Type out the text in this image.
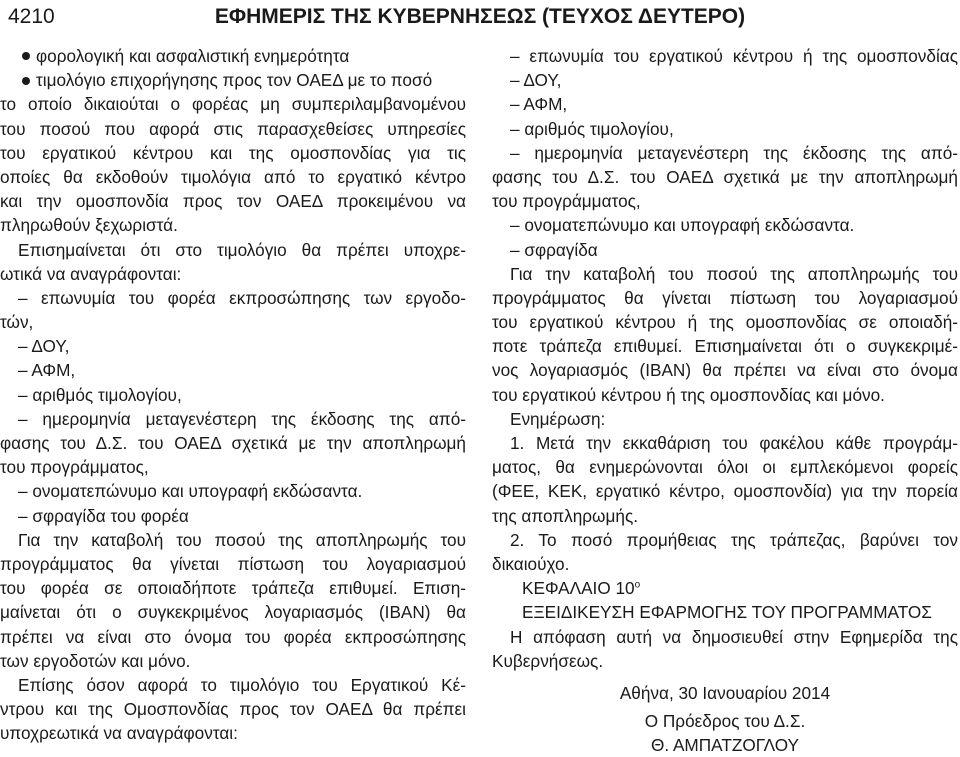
4210	ΕΦΗΜΕΡΙΣ ΤΗΣ ΚΥΒΕΡΝΗΣΕΩΣ (ΤΕΥΧΟΣ ΔΕΥΤΕΡΟ)
φορολογική και ασφαλιστική ενημερότητα
τιμολόγιο επιχορήγησης προς τον ΟΑΕΔ με το ποσό
το οποίο δικαιούται ο φορέας μη συμπεριλαμβανομένου
του ποσού που αφορά στις παρασχεθείσες υπηρεσίες
του εργατικού κέντρου και της ομοσπονδίας για τις
οποίες θα εκδοθούν τιμολόγια από το εργατικό κέντρο
και την ομοσπονδία προς τον ΟΑΕΔ προκειμένου να
πληρωθούν ξεχωριστά.
Επισημαίνεται ότι στο τιμολόγιο θα πρέπει υποχρε-
ωτικά να αναγράφονται:
– επωνυμία του φορέα εκπροσώπησης των εργοδο-
τών,
– ΔΟΥ,
– ΑΦΜ,
– αριθμός τιμολογίου,
– ημερομηνία μεταγενέστερη της έκδοσης της από-
φασης του Δ.Σ. του ΟΑΕΔ σχετικά με την αποπληρωμή
του προγράμματος,
– ονοματεπώνυμο και υπογραφή εκδώσαντα.
– σφραγίδα του φορέα
Για την καταβολή του ποσού της αποπληρωμής του
προγράμματος θα γίνεται πίστωση του λογαριασμού
του φορέα σε οποιαδήποτε τράπεζα επιθυμεί. Επιση-
μαίνεται ότι ο συγκεκριμένος λογαριασμός (IBAN) θα
πρέπει να είναι στο όνομα του φορέα εκπροσώπησης
των εργοδοτών και μόνο.
Επίσης όσον αφορά το τιμολόγιο του Εργατικού Κέ-
ντρου και της Ομοσπονδίας προς τον ΟΑΕΔ θα πρέπει
υποχρεωτικά να αναγράφονται:
– επωνυμία του εργατικού κέντρου ή της ομοσπονδίας
– ΔΟΥ,
– ΑΦΜ,
– αριθμός τιμολογίου,
– ημερομηνία μεταγενέστερη της έκδοσης της από-
φασης του Δ.Σ. του ΟΑΕΔ σχετικά με την αποπληρωμή
του προγράμματος,
– ονοματεπώνυμο και υπογραφή εκδώσαντα.
– σφραγίδα
Για την καταβολή του ποσού της αποπληρωμής του
προγράμματος θα γίνεται πίστωση του λογαριασμού
του εργατικού κέντρου ή της ομοσπονδίας σε οποιαδή-
ποτε τράπεζα επιθυμεί. Επισημαίνεται ότι ο συγκεκριμέ-
νος λογαριασμός (IBAN) θα πρέπει να είναι στο όνομα
του εργατικού κέντρου ή της ομοσπονδίας και μόνο.
Ενημέρωση:
1. Μετά την εκκαθάριση του φακέλου κάθε προγράμ-
ματος, θα ενημερώνονται όλοι οι εμπλεκόμενοι φορείς
(ΦΕΕ, ΚΕΚ, εργατικό κέντρο, ομοσπονδία) για την πορεία
της αποπληρωμής.
2. Το ποσό προμήθειας της τράπεζας, βαρύνει τον
δικαιούχο.
ΚΕΦΑΛΑΙΟ $10^o$
ΕΞΕΙΔΙΚΕΥΣΗ ΕΦΑΡΜΟΓΗΣ ΤΟΥ ΠΡΟΓΡΑΜΜΑΤΟΣ
Η απόφαση αυτή να δημοσιευθεί στην Εφημερίδα της
Κυβερνήσεως.
Αθήνα, 30 Ιανουαρίου 2014
Ο Πρόεδρος του Δ.Σ.
Θ. ΑΜΠΑΤΖΟΓΛΟΥ
